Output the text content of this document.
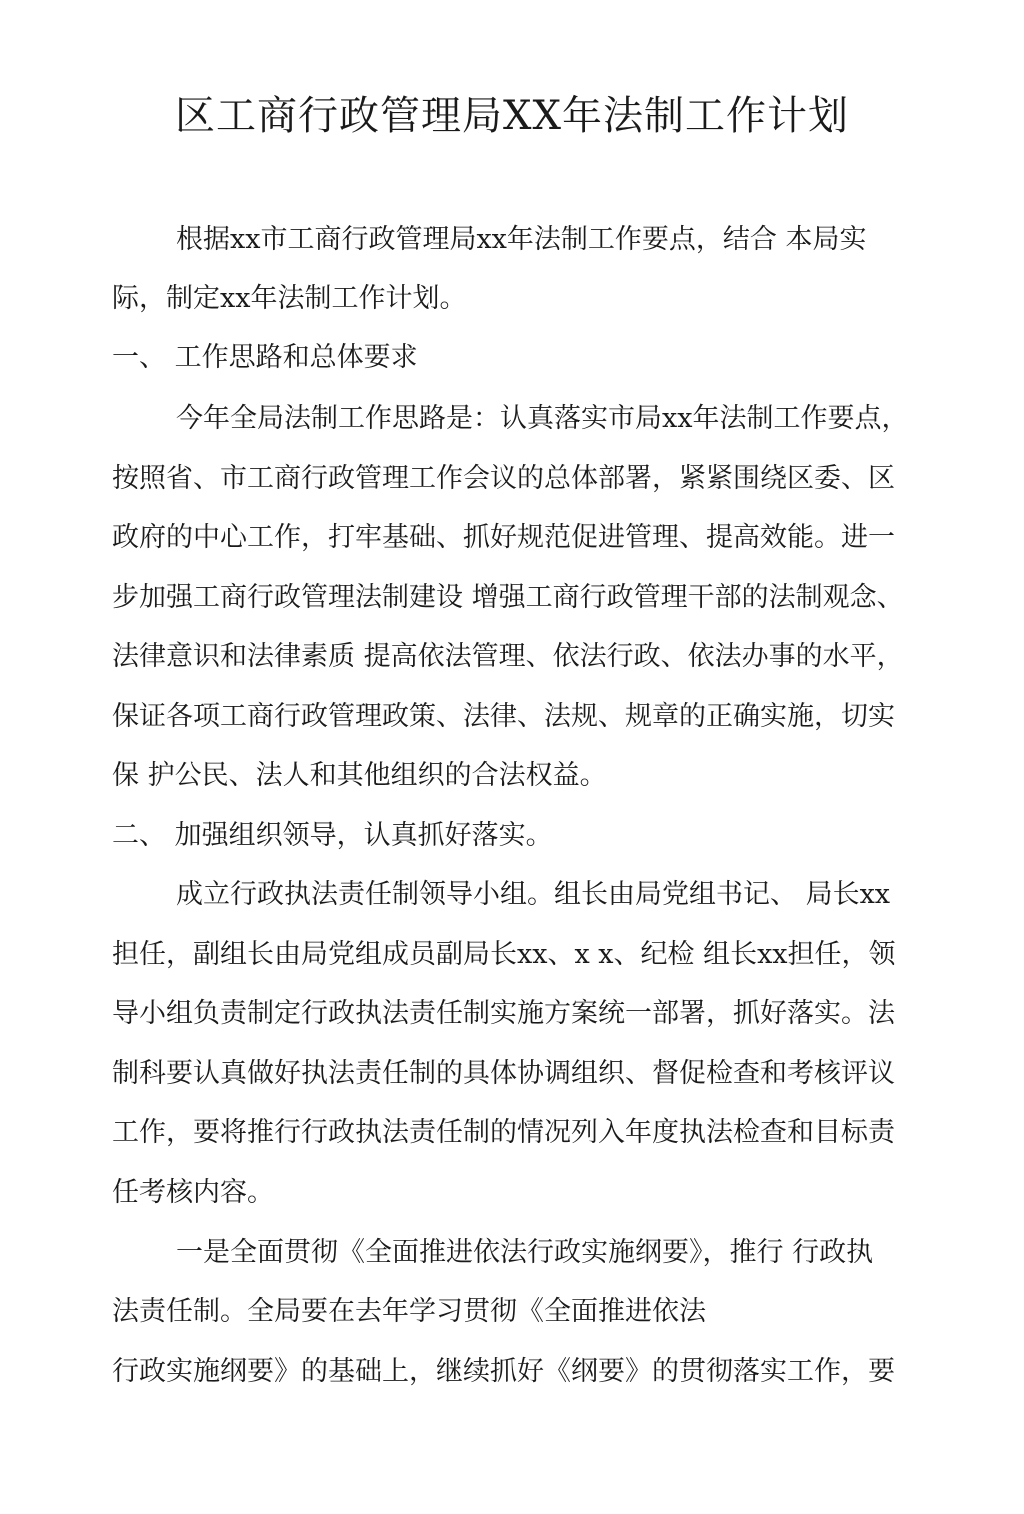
区工商行政管理局XX年法制工作计划
根据xx市工商行政管理局xx年法制工作要点，结合 本局实
际，制定xx年法制工作计划。
一、 工作思路和总体要求
今年全局法制工作思路是：认真落实市局xx年法制工作要点，
按照省、市工商行政管理工作会议的总体部署，紧紧围绕区委、区
政府的中心工作，打牢基础、抓好规范促进管理、提高效能。进一
步加强工商行政管理法制建设 增强工商行政管理干部的法制观念、
法律意识和法律素质 提高依法管理、依法行政、依法办事的水平，
保证各项工商行政管理政策、法律、法规、规章的正确实施，切实
保 护公民、法人和其他组织的合法权益。
二、 加强组织领导，认真抓好落实。
成立行政执法责任制领导小组。组长由局党组书记、 局长xx
担任，副组长由局党组成员副局长xx、x x、纪检 组长xx担任，领
导小组负责制定行政执法责任制实施方案统一部署，抓好落实。法
制科要认真做好执法责任制的具体协调组织、督促检查和考核评议
工作，要将推行行政执法责任制的情况列入年度执法检查和目标责
任考核内容。
一是全面贯彻《全面推进依法行政实施纲要》，推行 行政执
法责任制。全局要在去年学习贯彻《全面推进依法
行政实施纲要》的基础上，继续抓好《纲要》的贯彻落实工作，要
